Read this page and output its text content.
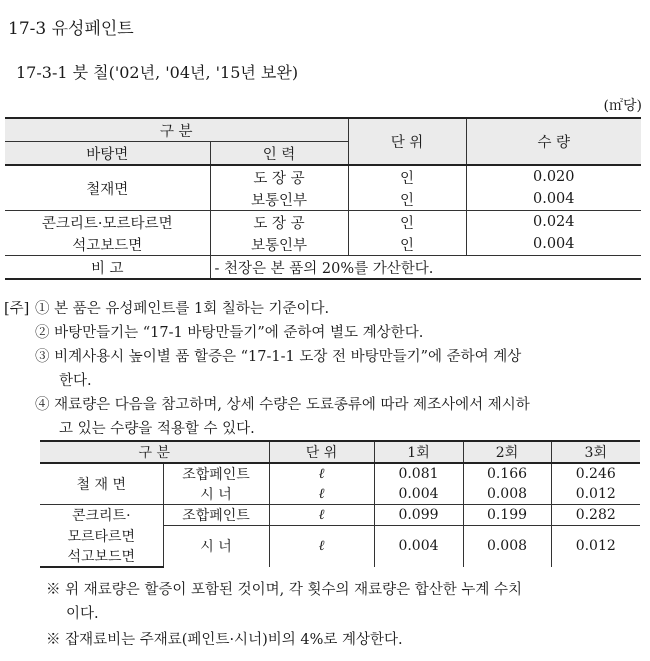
17-3 유성페인트
17-3-1 붓 칠('02년, '04년, '15년 보완)
(㎡당)
구 분		단 위	수 량
바탕면	인 력		
철재면	도 장 공	인	0.020
	보통인부	인	0.004
콘크리트·모르타르면	도 장 공	인	0.024
석고보드면	보통인부	인	0.004
비 고	- 천장은 본 품의 20%를 가산한다.		
[주] ① 본 품은 유성페인트를 1회 칠하는 기준이다.
② 바탕만들기는 “17-1 바탕만들기”에 준하여 별도 계상한다.
③ 비계사용시 높이별 품 할증은 “17-1-1 도장 전 바탕만들기”에 준하여 계상
한다.
④ 재료량은 다음을 참고하며, 상세 수량은 도료종류에 따라 제조사에서 제시하
고 있는 수량을 적용할 수 있다.
구 분		단 위	1회	2회	3회
철 재 면	조합페인트	ℓ	0.081	0.166	0.246
	시 너	ℓ	0.004	0.008	0.012
콘크리트·	조합페인트	ℓ	0.099	0.199	0.282
모르타르면	시 너	ℓ	0.004	0.008	0.012
석고보드면					
※ 위 재료량은 할증이 포함된 것이며, 각 횟수의 재료량은 합산한 누계 수치
이다.
※ 잡재료비는 주재료(페인트·시너)비의 4%로 계상한다.
